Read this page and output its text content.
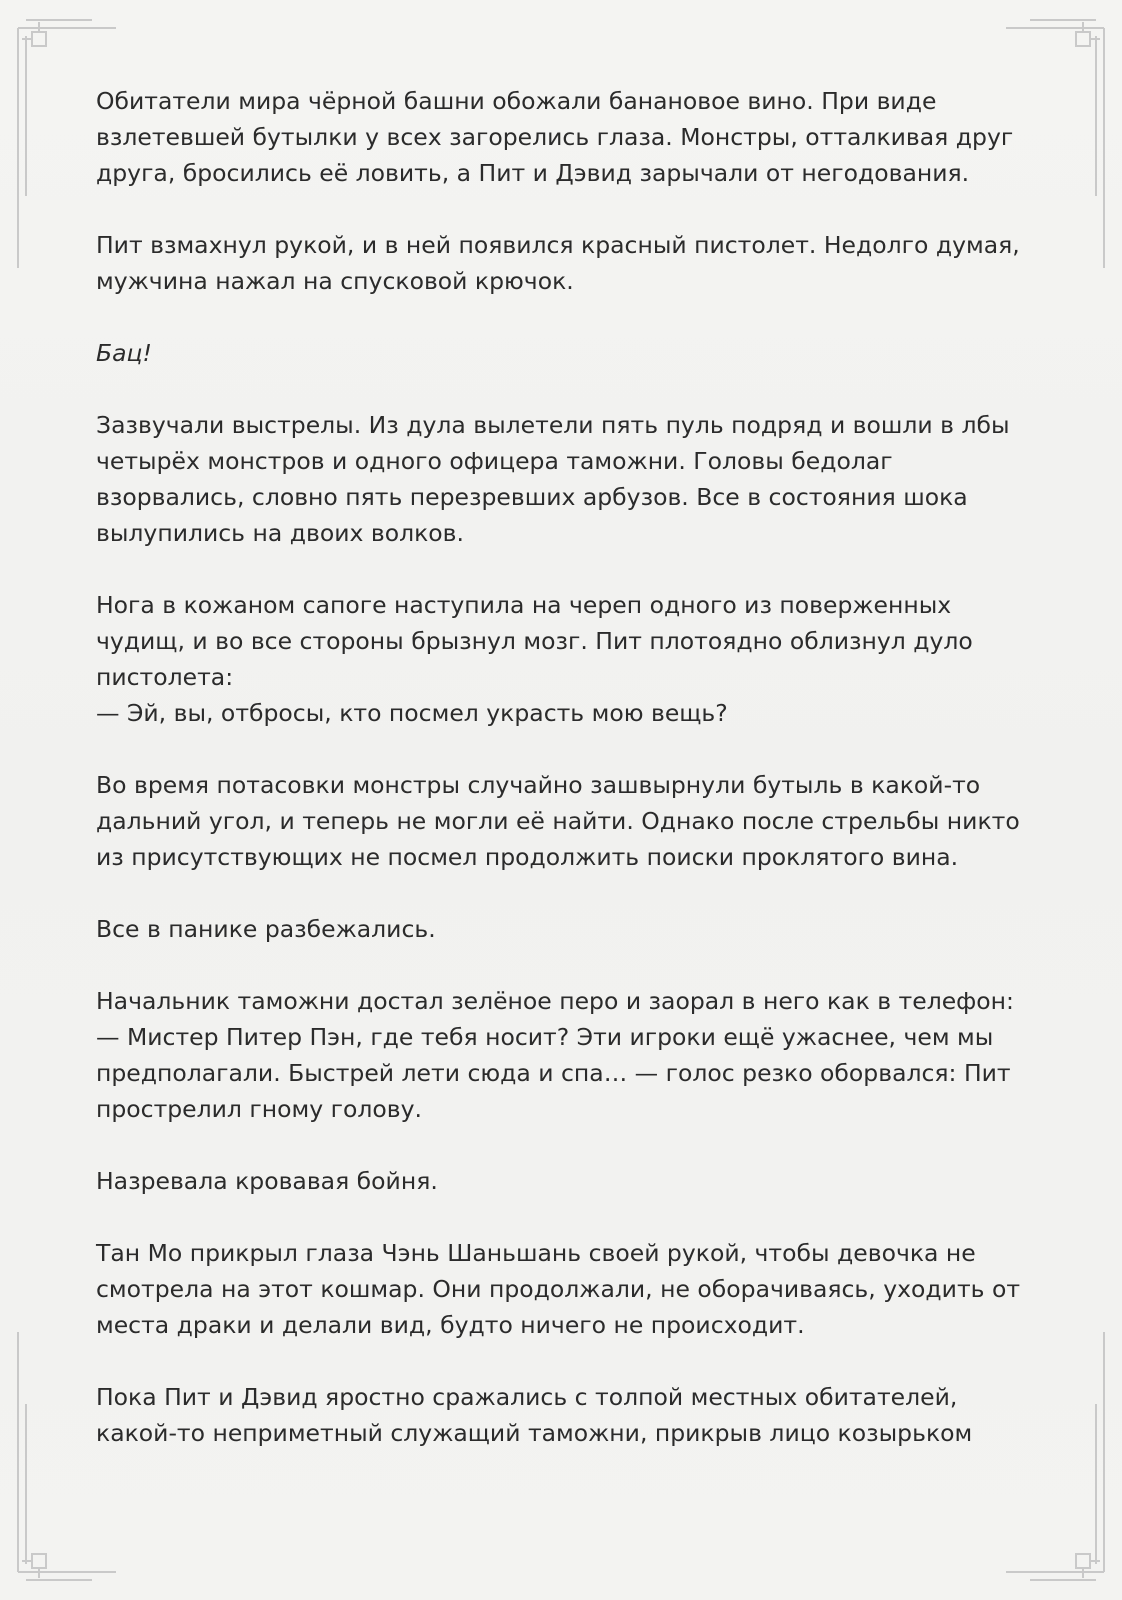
Обитатели мира чёрной башни обожали банановое вино. При виде
взлетевшей бутылки у всех загорелись глаза. Монстры, отталкивая друг
друга, бросились её ловить, а Пит и Дэвид зарычали от негодования.

Пит взмахнул рукой, и в ней появился красный пистолет. Недолго думая,
мужчина нажал на спусковой крючок.

Бац!

Зазвучали выстрелы. Из дула вылетели пять пуль подряд и вошли в лбы
четырёх монстров и одного офицера таможни. Головы бедолаг
взорвались, словно пять перезревших арбузов. Все в состояния шока
вылупились на двоих волков.

Нога в кожаном сапоге наступила на череп одного из поверженных
чудищ, и во все стороны брызнул мозг. Пит плотоядно облизнул дуло
пистолета:
— Эй, вы, отбросы, кто посмел украсть мою вещь?

Во время потасовки монстры случайно зашвырнули бутыль в какой-то
дальний угол, и теперь не могли её найти. Однако после стрельбы никто
из присутствующих не посмел продолжить поиски проклятого вина.

Все в панике разбежались.

Начальник таможни достал зелёное перо и заорал в него как в телефон:
— Мистер Питер Пэн, где тебя носит? Эти игроки ещё ужаснее, чем мы
предполагали. Быстрей лети сюда и спа… — голос резко оборвался: Пит
прострелил гному голову.

Назревала кровавая бойня.

Тан Мо прикрыл глаза Чэнь Шаньшань своей рукой, чтобы девочка не
смотрела на этот кошмар. Они продолжали, не оборачиваясь, уходить от
места драки и делали вид, будто ничего не происходит.

Пока Пит и Дэвид яростно сражались с толпой местных обитателей,
какой-то неприметный служащий таможни, прикрыв лицо козырьком
